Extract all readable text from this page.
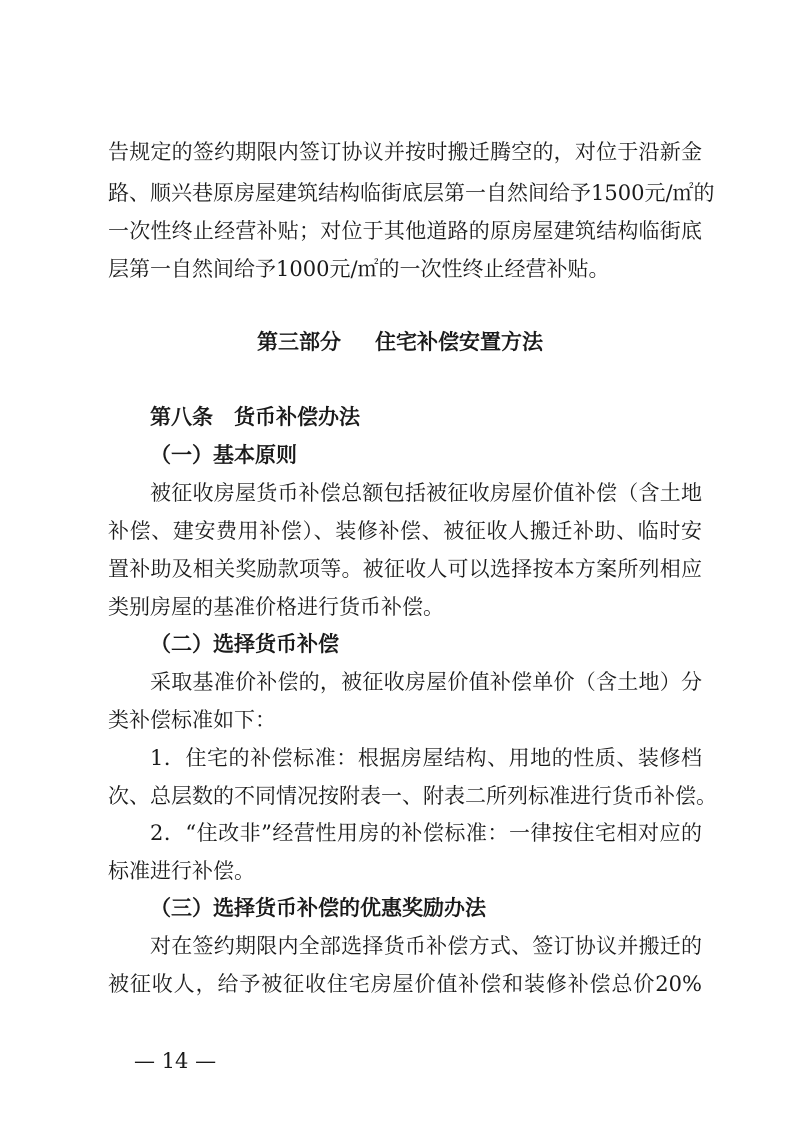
告规定的签约期限内签订协议并按时搬迁腾空的，对位于沿新金
路、顺兴巷原房屋建筑结构临街底层第一自然间给予1500元/㎡的
一次性终止经营补贴；对位于其他道路的原房屋建筑结构临街底
层第一自然间给予1000元/㎡的一次性终止经营补贴。
第三部分 住宅补偿安置方法
第八条　货币补偿办法
（一）基本原则
被征收房屋货币补偿总额包括被征收房屋价值补偿（含土地
补偿、建安费用补偿）、装修补偿、被征收人搬迁补助、临时安
置补助及相关奖励款项等。被征收人可以选择按本方案所列相应
类别房屋的基准价格进行货币补偿。
（二）选择货币补偿
采取基准价补偿的，被征收房屋价值补偿单价（含土地）分
类补偿标准如下：
1．住宅的补偿标准：根据房屋结构、用地的性质、装修档
次、总层数的不同情况按附表一、附表二所列标准进行货币补偿。
2．“住改非”经营性用房的补偿标准：一律按住宅相对应的
标准进行补偿。
（三）选择货币补偿的优惠奖励办法
对在签约期限内全部选择货币补偿方式、签订协议并搬迁的
被征收人，给予被征收住宅房屋价值补偿和装修补偿总价20%
— 14 —
